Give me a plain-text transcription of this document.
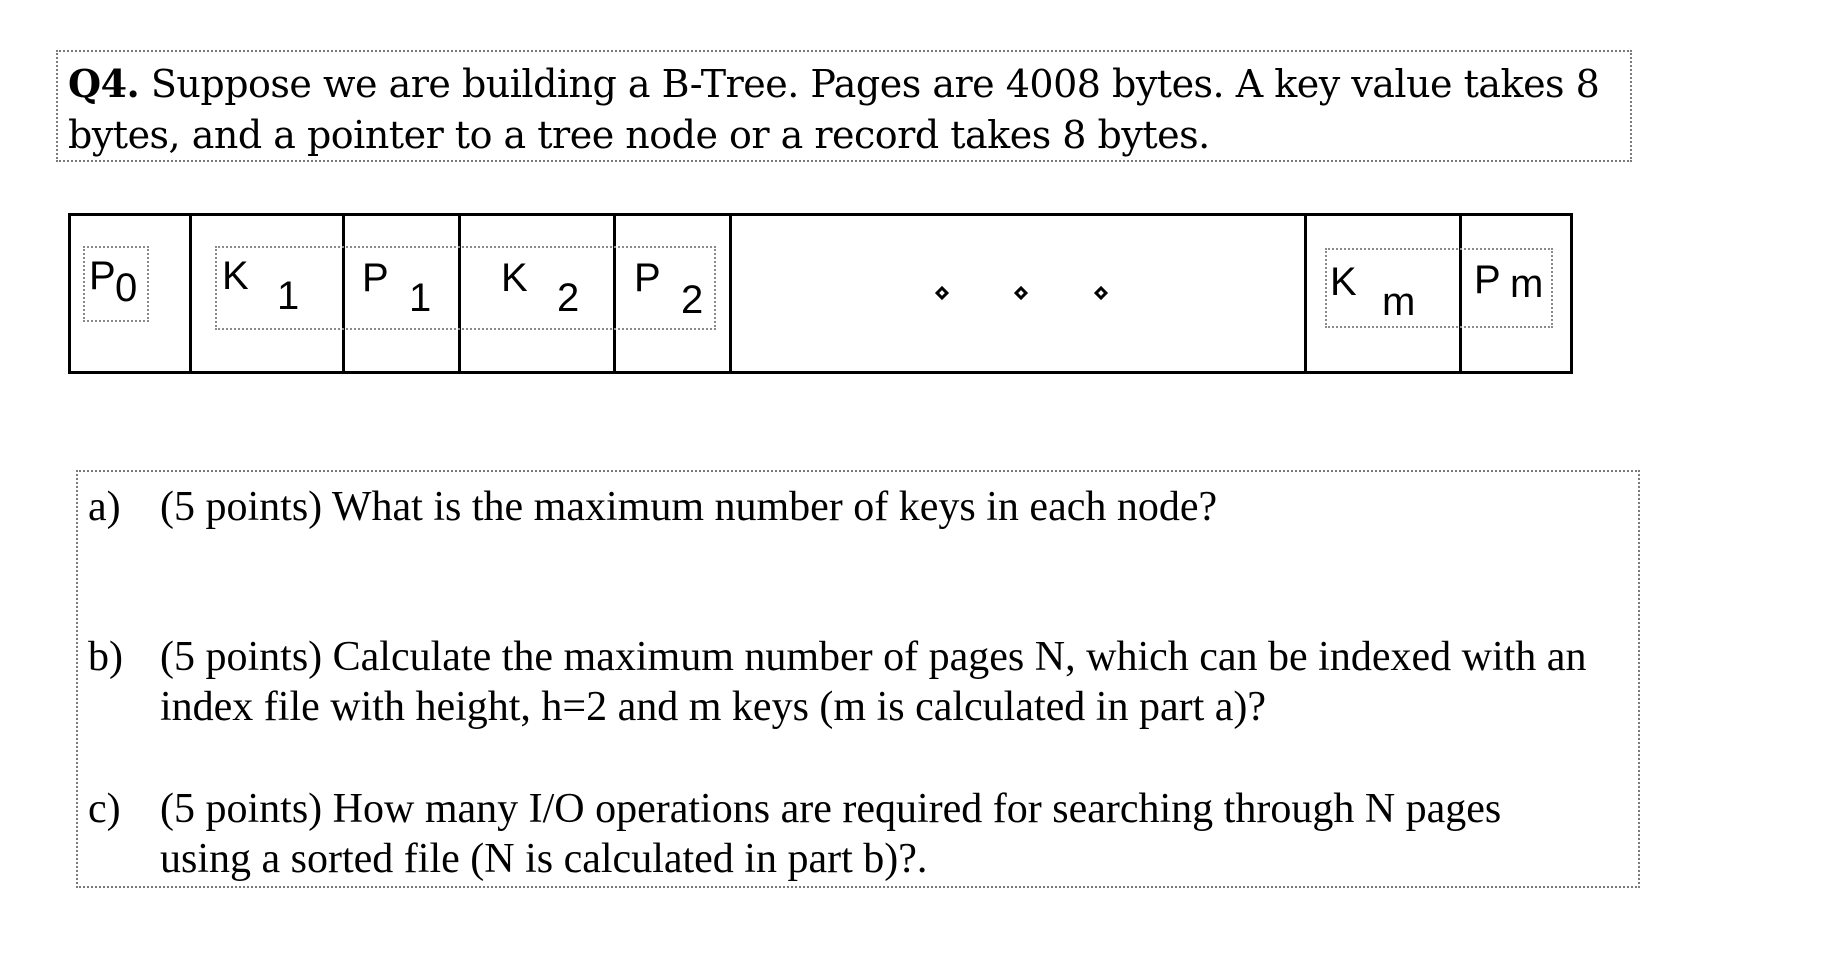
Q4. Suppose we are building a B-Tree. Pages are 4008 bytes. A key value takes 8
bytes, and a pointer to a tree node or a record takes 8 bytes.
P 0 K 1 P 1 K 2 P 2	K m P m
a) (5 points) What is the maximum number of keys in each node?
b) (5 points) Calculate the maximum number of pages N, which can be indexed with an
index file with height, h=2 and m keys (m is calculated in part a)?
c) (5 points) How many I/O operations are required for searching through N pages
using a sorted file (N is calculated in part b)?.
